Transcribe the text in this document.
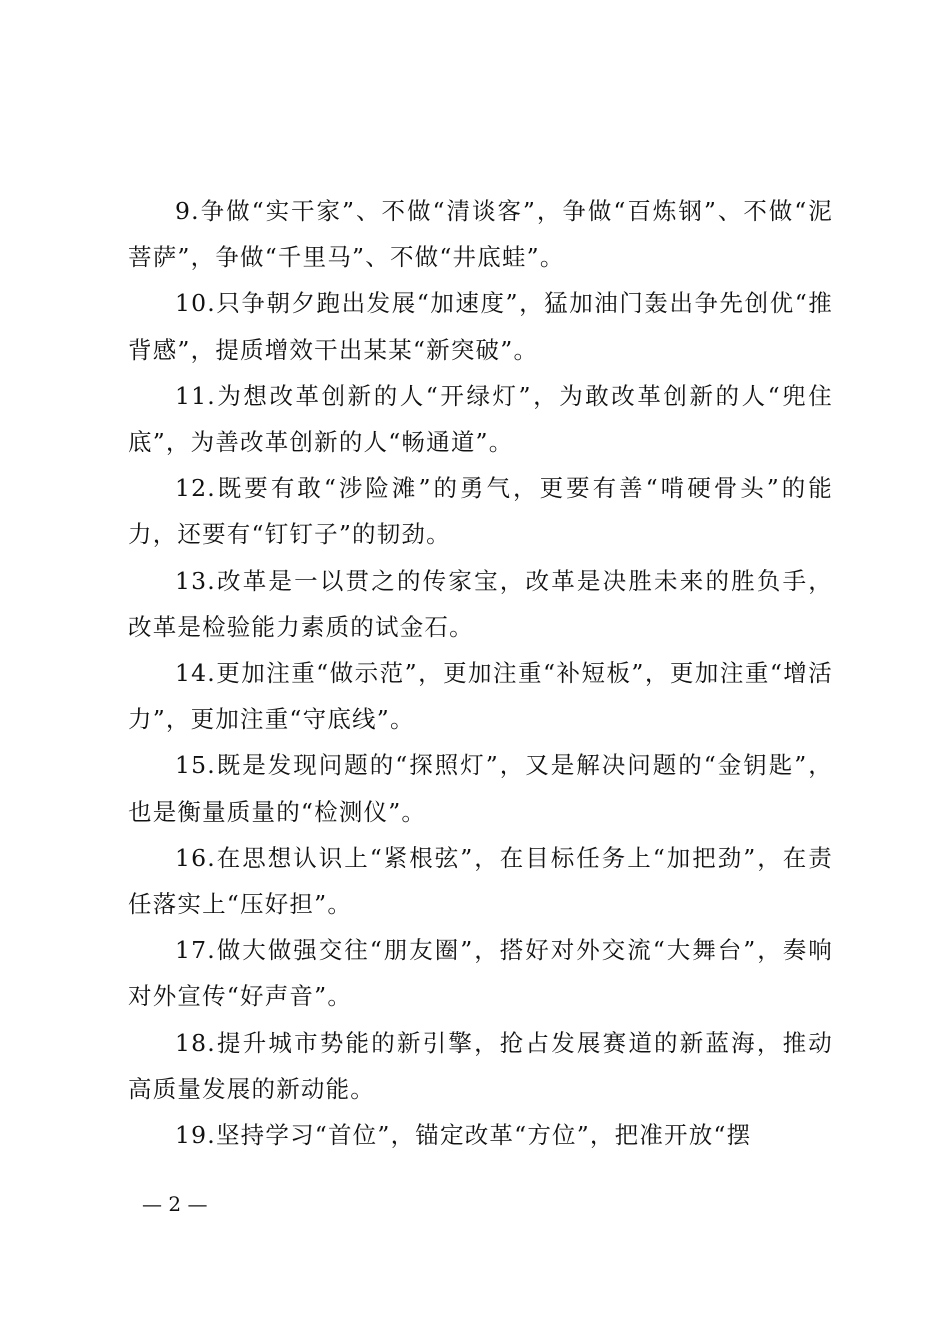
9.争做“实干家”、不做“清谈客”，争做“百炼钢”、不做“泥菩萨”，争做“千里马”、不做“井底蛙”。

10.只争朝夕跑出发展“加速度”，猛加油门轰出争先创优“推背感”，提质增效干出某某“新突破”。

11.为想改革创新的人“开绿灯”，为敢改革创新的人“兜住底”，为善改革创新的人“畅通道”。

12.既要有敢“涉险滩”的勇气，更要有善“啃硬骨头”的能力，还要有“钉钉子”的韧劲。

13.改革是一以贯之的传家宝，改革是决胜未来的胜负手，改革是检验能力素质的试金石。

14.更加注重“做示范”，更加注重“补短板”，更加注重“增活力”，更加注重“守底线”。

15.既是发现问题的“探照灯”，又是解决问题的“金钥匙”，也是衡量质量的“检测仪”。

16.在思想认识上“紧根弦”，在目标任务上“加把劲”，在责任落实上“压好担”。

17.做大做强交往“朋友圈”，搭好对外交流“大舞台”，奏响对外宣传“好声音”。

18.提升城市势能的新引擎，抢占发展赛道的新蓝海，推动高质量发展的新动能。

19.坚持学习“首位”，锚定改革“方位”，把准开放“摆

— 2 —
